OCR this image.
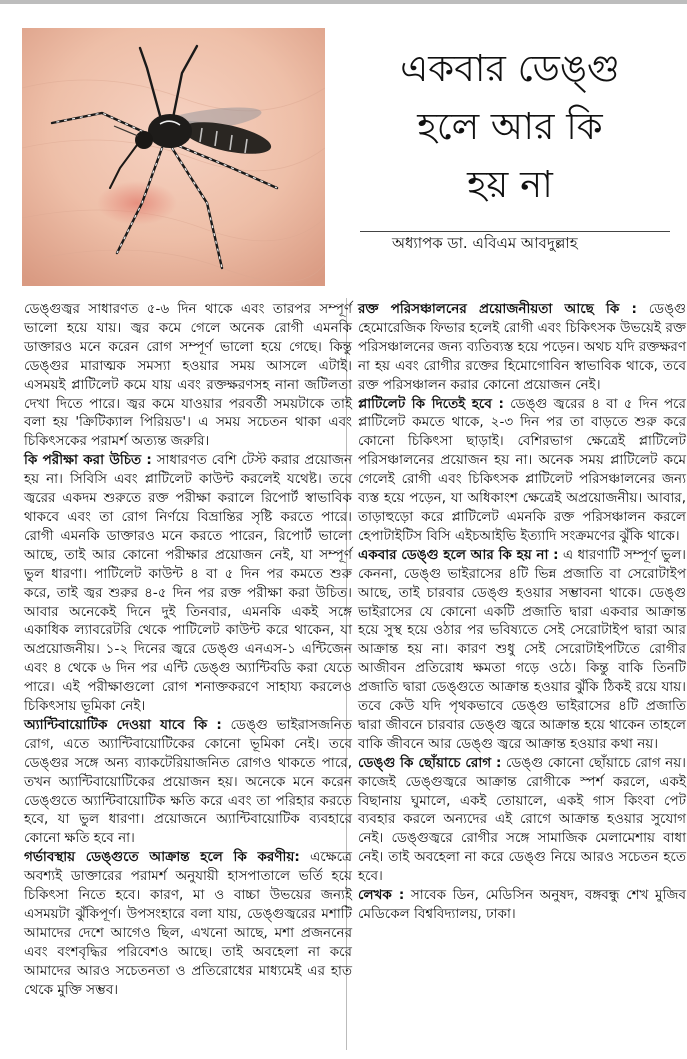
একবার ডেঙ্গু
হলে আর কি
হয় না
অধ্যাপক ডা. এবিএম আবদুল্লাহ

ডেঙ্গুজ্বর সাধারণত ৫-৬ দিন থাকে এবং তারপর সম্পূর্ণ ভালো হয়ে যায়। জ্বর কমে গেলে অনেক রোগী এমনকি ডাক্তারও মনে করেন রোগ সম্পূর্ণ ভালো হয়ে গেছে। কিন্তু ডেঙ্গুর মারাত্মক সমস্যা হওয়ার সময় আসলে এটাই। এসময়ই প্লাটিলেট কমে যায় এবং রক্তক্ষরণসহ নানা জটিলতা দেখা দিতে পারে। জ্বর কমে যাওয়ার পরবর্তী সময়টাকে তাই বলা হয় 'ক্রিটিক্যাল পিরিয়ড'। এ সময় সচেতন থাকা এবং চিকিৎসকের পরামর্শ অত্যন্ত জরুরি।

কি পরীক্ষা করা উচিত : সাধারণত বেশি টেস্ট করার প্রয়োজন হয় না। সিবিসি এবং প্লাটিলেট কাউন্ট করলেই যথেষ্ট। তবে জ্বরের একদম শুরুতে রক্ত পরীক্ষা করালে রিপোর্ট স্বাভাবিক থাকবে এবং তা রোগ নির্ণয়ে বিভ্রান্তির সৃষ্টি করতে পারে। রোগী এমনকি ডাক্তারও মনে করতে পারেন, রিপোর্ট ভালো আছে, তাই আর কোনো পরীক্ষার প্রয়োজন নেই, যা সম্পূর্ণ ভুল ধারণা। পাটিলেট কাউন্ট ৪ বা ৫ দিন পর কমতে শুরু করে, তাই জ্বর শুরুর ৪-৫ দিন পর রক্ত পরীক্ষা করা উচিত। আবার অনেকেই দিনে দুই তিনবার, এমনকি একই সঙ্গে একাধিক ল্যাবরেটরি থেকে পাটিলেট কাউন্ট করে থাকেন, যা অপ্রয়োজনীয়। ১-২ দিনের জ্বরে ডেঙ্গু এনএস-১ এন্টিজেন এবং ৪ থেকে ৬ দিন পর এন্টি ডেঙ্গু অ্যান্টিবডি করা যেতে পারে। এই পরীক্ষাগুলো রোগ শনাক্তকরণে সাহায্য করলেও চিকিৎসায় ভূমিকা নেই।

অ্যান্টিবায়োটিক দেওয়া যাবে কি : ডেঙ্গু ভাইরাসজনিত রোগ, এতে অ্যান্টিবায়োটিকের কোনো ভূমিকা নেই। তবে ডেঙ্গুর সঙ্গে অন্য ব্যাকটেরিয়াজনিত রোগও থাকতে পারে, তখন অ্যান্টিবায়োটিকের প্রয়োজন হয়। অনেকে মনে করেন ডেঙ্গুতে অ্যান্টিবায়োটিক ক্ষতি করে এবং তা পরিহার করতে হবে, যা ভুল ধারণা। প্রয়োজনে অ্যান্টিবায়োটিক ব্যবহারে কোনো ক্ষতি হবে না।

গর্ভাবস্থায় ডেঙ্গুতে আক্রান্ত হলে কি করণীয়: এক্ষেত্রে অবশ্যই ডাক্তারের পরামর্শ অনুযায়ী হাসপাতালে ভর্তি হয়ে চিকিৎসা নিতে হবে। কারণ, মা ও বাচ্চা উভয়ের জন্যই এসময়টা ঝুঁকিপূর্ণ। উপসংহারে বলা যায়, ডেঙ্গুজ্বরের মশাটি আমাদের দেশে আগেও ছিল, এখনো আছে, মশা প্রজননের এবং বংশবৃদ্ধির পরিবেশও আছে। তাই অবহেলা না করে আমাদের আরও সচেতনতা ও প্রতিরোধের মাধ্যমেই এর হাত থেকে মুক্তি সম্ভব।

রক্ত পরিসঞ্চালনের প্রয়োজনীয়তা আছে কি : ডেঙ্গু হেমোরেজিক ফিভার হলেই রোগী এবং চিকিৎসক উভয়েই রক্ত পরিসঞ্চালনের জন্য ব্যতিব্যস্ত হয়ে পড়েন। অথচ যদি রক্তক্ষরণ না হয় এবং রোগীর রক্তের হিমোগোবিন স্বাভাবিক থাকে, তবে রক্ত পরিসঞ্চালন করার কোনো প্রয়োজন নেই।

প্লাটিলেট কি দিতেই হবে : ডেঙ্গু জ্বরের ৪ বা ৫ দিন পরে প্লাটিলেট কমতে থাকে, ২-৩ দিন পর তা বাড়তে শুরু করে কোনো চিকিৎসা ছাড়াই। বেশিরভাগ ক্ষেত্রেই প্লাটিলেট পরিসঞ্চালনের প্রয়োজন হয় না। অনেক সময় প্লাটিলেট কমে গেলেই রোগী এবং চিকিৎসক প্লাটিলেট পরিসঞ্চালনের জন্য ব্যস্ত হয়ে পড়েন, যা অধিকাংশ ক্ষেত্রেই অপ্রয়োজনীয়। আবার, তাড়াহুড়ো করে প্লাটিলেট এমনকি রক্ত পরিসঞ্চালন করলে হেপাটাইটিস বিসি এইচআইভি ইত্যাদি সংক্রমণের ঝুঁকি থাকে।

একবার ডেঙ্গু হলে আর কি হয় না : এ ধারণাটি সম্পূর্ণ ভুল। কেননা, ডেঙ্গু ভাইরাসের ৪টি ভিন্ন প্রজাতি বা সেরোটাইপ আছে, তাই চারবার ডেঙ্গু হওয়ার সম্ভাবনা থাকে। ডেঙ্গু ভাইরাসের যে কোনো একটি প্রজাতি দ্বারা একবার আক্রান্ত হয়ে সুস্থ হয়ে ওঠার পর ভবিষ্যতে সেই সেরোটাইপ দ্বারা আর আক্রান্ত হয় না। কারণ শুধু সেই সেরোটাইপটিতে রোগীর আজীবন প্রতিরোধ ক্ষমতা গড়ে ওঠে। কিন্তু বাকি তিনটি প্রজাতি দ্বারা ডেঙ্গুতে আক্রান্ত হওয়ার ঝুঁকি ঠিকই রয়ে যায়। তবে কেউ যদি পৃথকভাবে ডেঙ্গু ভাইরাসের ৪টি প্রজাতি দ্বারা জীবনে চারবার ডেঙ্গু জ্বরে আক্রান্ত হয়ে থাকেন তাহলে বাকি জীবনে আর ডেঙ্গু জ্বরে আক্রান্ত হওয়ার কথা নয়।

ডেঙ্গু কি ছোঁয়াচে রোগ : ডেঙ্গু কোনো ছোঁয়াচে রোগ নয়। কাজেই ডেঙ্গুজ্বরে আক্রান্ত রোগীকে স্পর্শ করলে, একই বিছানায় ঘুমালে, একই তোয়ালে, একই গাস কিংবা পেট ব্যবহার করলে অন্যদের এই রোগে আক্রান্ত হওয়ার সুযোগ নেই। ডেঙ্গুজ্বরে রোগীর সঙ্গে সামাজিক মেলামেশায় বাধা নেই। তাই অবহেলা না করে ডেঙ্গু নিয়ে আরও সচেতন হতে হবে।

লেখক : সাবেক ডিন, মেডিসিন অনুষদ, বঙ্গবন্ধু শেখ মুজিব মেডিকেল বিশ্ববিদ্যালয়, ঢাকা।
